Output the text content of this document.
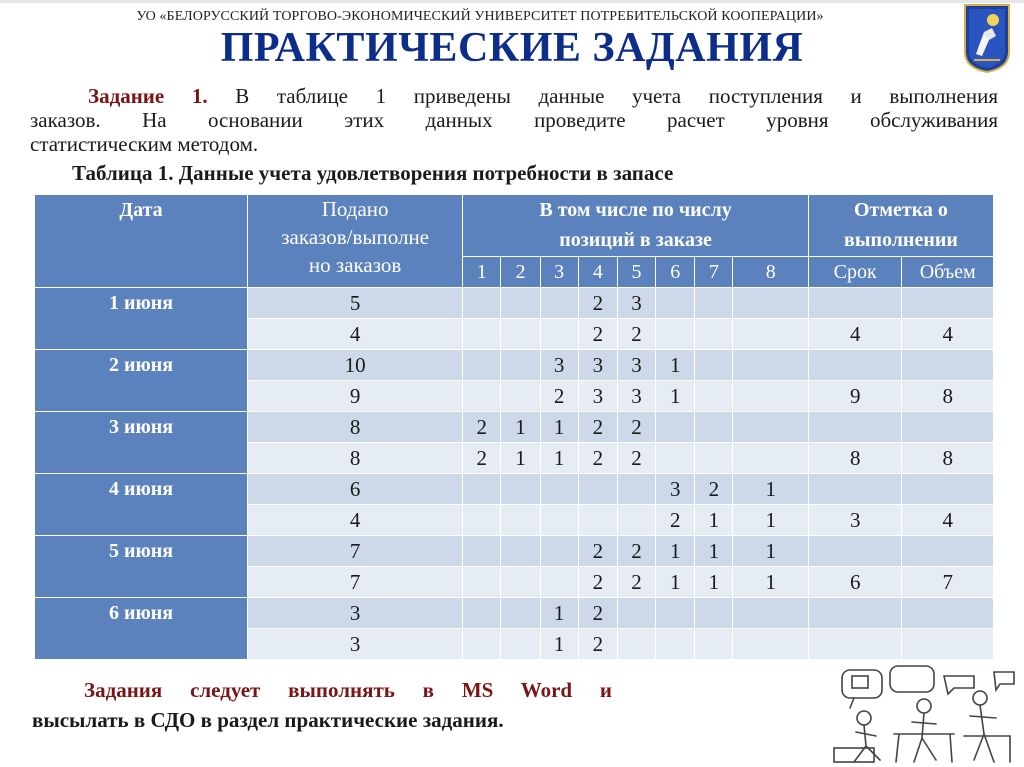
УО «БЕЛОРУССКИЙ ТОРГОВО-ЭКОНОМИЧЕСКИЙ УНИВЕРСИТЕТ ПОТРЕБИТЕЛЬСКОЙ КООПЕРАЦИИ»
ПРАКТИЧЕСКИЕ ЗАДАНИЯ
Задание 1. В таблице 1 приведены данные учета поступления и выполнения
заказов. На основании этих данных проведите расчет уровня обслуживания
статистическим методом.
Таблица 1. Данные учета удовлетворения потребности в запасе
Дата	Подано
заказов/выполне
но заказов	В том числе по числу
позиций в заказе								Отметка о
выполнении	
		1	2	3	4	5	6	7	8	Срок	Объем
1 июня	5				2	3					
	4				2	2				4	4
2 июня	10			3	3	3	1				
	9			2	3	3	1			9	8
3 июня	8	2	1	1	2	2					
	8	2	1	1	2	2				8	8
4 июня	6						3	2	1		
	4						2	1	1	3	4
5 июня	7				2	2	1	1	1		
	7				2	2	1	1	1	6	7
6 июня	3			1	2						
	3			1	2						
Задания следует выполнять в MS Word и
высылать в СДО в раздел практические задания.
